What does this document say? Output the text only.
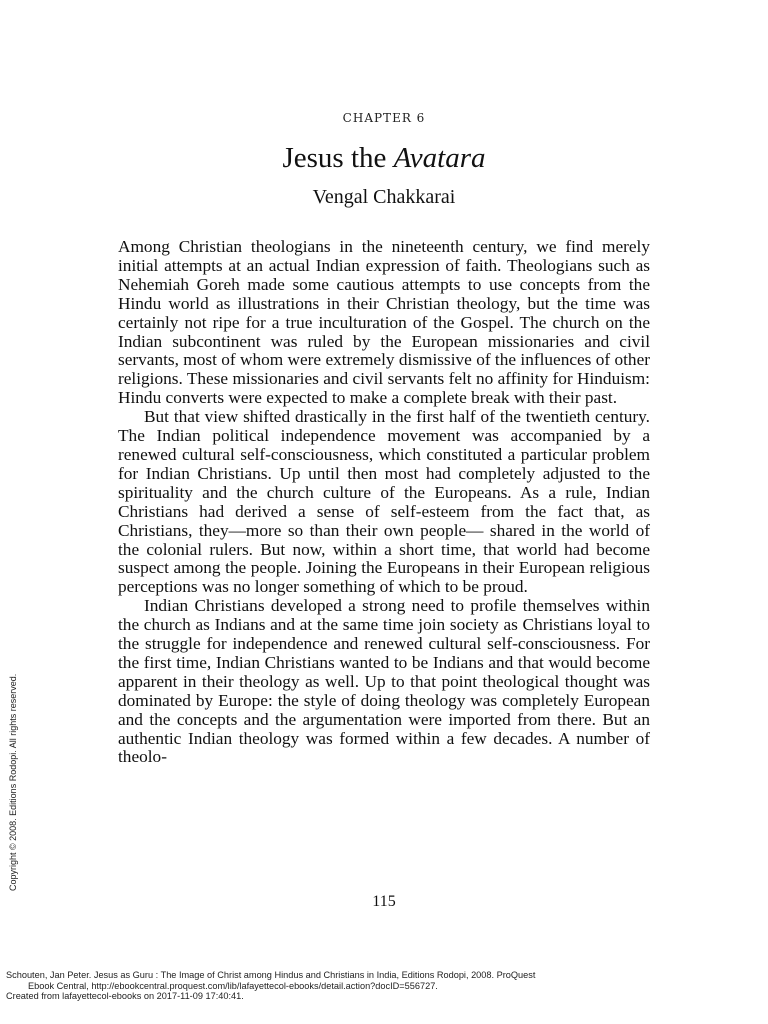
CHAPTER 6
Jesus the Avatara
Vengal Chakkarai

Among Christian theologians in the nineteenth century, we find merely initial attempts at an actual Indian expression of faith. Theologians such as Nehemiah Goreh made some cautious attempts to use concepts from the Hindu world as illustrations in their Christian theology, but the time was certainly not ripe for a true inculturation of the Gospel. The church on the Indian subcontinent was ruled by the European missionaries and civil servants, most of whom were extremely dismissive of the influences of other religions. These missionaries and civil servants felt no affinity for Hinduism: Hindu converts were expected to make a complete break with their past.

But that view shifted drastically in the first half of the twentieth century. The Indian political independence movement was accompanied by a renewed cultural self-consciousness, which constituted a particular problem for Indian Christians. Up until then most had completely adjusted to the spirituality and the church culture of the Europeans. As a rule, Indian Christians had derived a sense of self-esteem from the fact that, as Christians, they—more so than their own people— shared in the world of the colonial rulers. But now, within a short time, that world had become suspect among the people. Joining the Europeans in their European religious perceptions was no longer something of which to be proud.

Indian Christians developed a strong need to profile themselves within the church as Indians and at the same time join society as Christians loyal to the struggle for independence and renewed cultural self-consciousness. For the first time, Indian Christians wanted to be Indians and that would become apparent in their theology as well. Up to that point theological thought was dominated by Europe: the style of doing theology was completely European and the concepts and the argumentation were imported from there. But an authentic Indian theology was formed within a few decades. A number of theolo-

115
Copyright © 2008. Editions Rodopi. All rights reserved.
Schouten, Jan Peter. Jesus as Guru : The Image of Christ among Hindus and Christians in India, Editions Rodopi, 2008. ProQuest
Ebook Central, http://ebookcentral.proquest.com/lib/lafayettecol-ebooks/detail.action?docID=556727.
Created from lafayettecol-ebooks on 2017-11-09 17:40:41.
